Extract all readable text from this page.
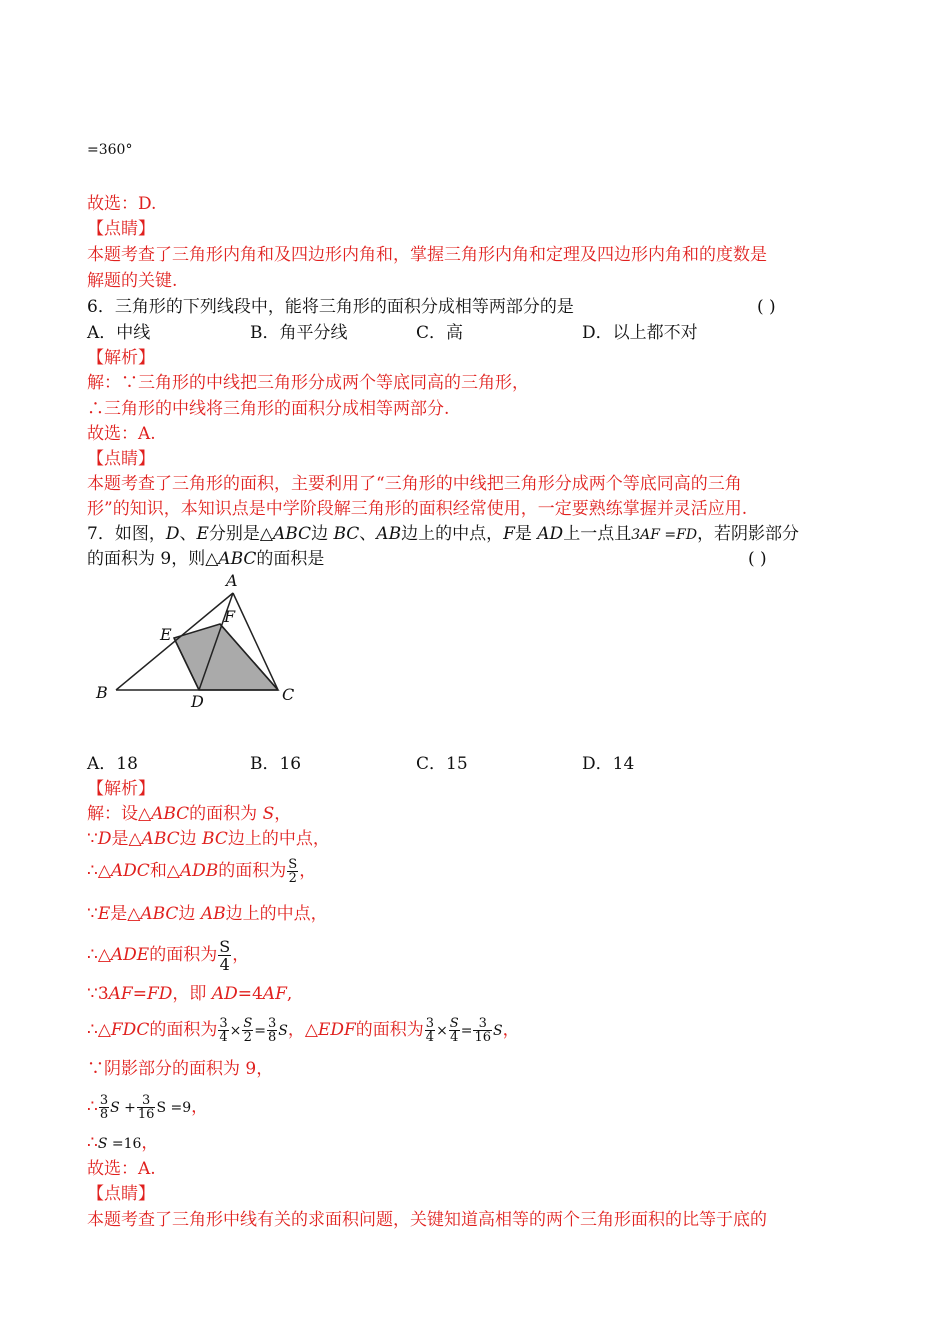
=360°
故选：D.
【点睛】
本题考查了三角形内角和及四边形内角和，掌握三角形内角和定理及四边形内角和的度数是
解题的关键.
6．三角形的下列线段中，能将三角形的面积分成相等两部分的是	( )
A．中线	B．角平分线	C．高	D．以上都不对
【解析】
解：∵三角形的中线把三角形分成两个等底同高的三角形，
∴三角形的中线将三角形的面积分成相等两部分.
故选：A.
【点睛】
本题考查了三角形的面积，主要利用了“三角形的中线把三角形分成两个等底同高的三角
形”的知识，本知识点是中学阶段解三角形的面积经常使用，一定要熟练掌握并灵活应用.
7．如图，D、E分别是△ABC边 BC、AB边上的中点，F是 AD上一点且3AF =FD，若阴影部分
的面积为 9，则△ABC的面积是	( )
A
B	C
D
E
F
A．18	B．16	C．15	D．14
【解析】
解：设△ABC的面积为 S，
∵D是△ABC边 BC边上的中点，
∴△ADC和△ADB的面积为 $\frac{S}{2}$ ，
∵E是△ABC边 AB边上的中点，
∴△ADE的面积为 $\frac{S}{4}$ ，
∵3AF=FD，即 AD=4AF,
∴△FDC的面积为 $\frac{3}{4} \times \frac{S}{2} = \frac{3}{8}$ S，△EDF的面积为 $\frac{3}{4} \times \frac{S}{4} = \frac{3}{16}$ S，
∵阴影部分的面积为 9，
∴ $\frac{3}{8}$ $S + \frac{3}{16}$ S =9，
∴S =16，
故选：A.
【点睛】
本题考查了三角形中线有关的求面积问题，关键知道高相等的两个三角形面积的比等于底的
